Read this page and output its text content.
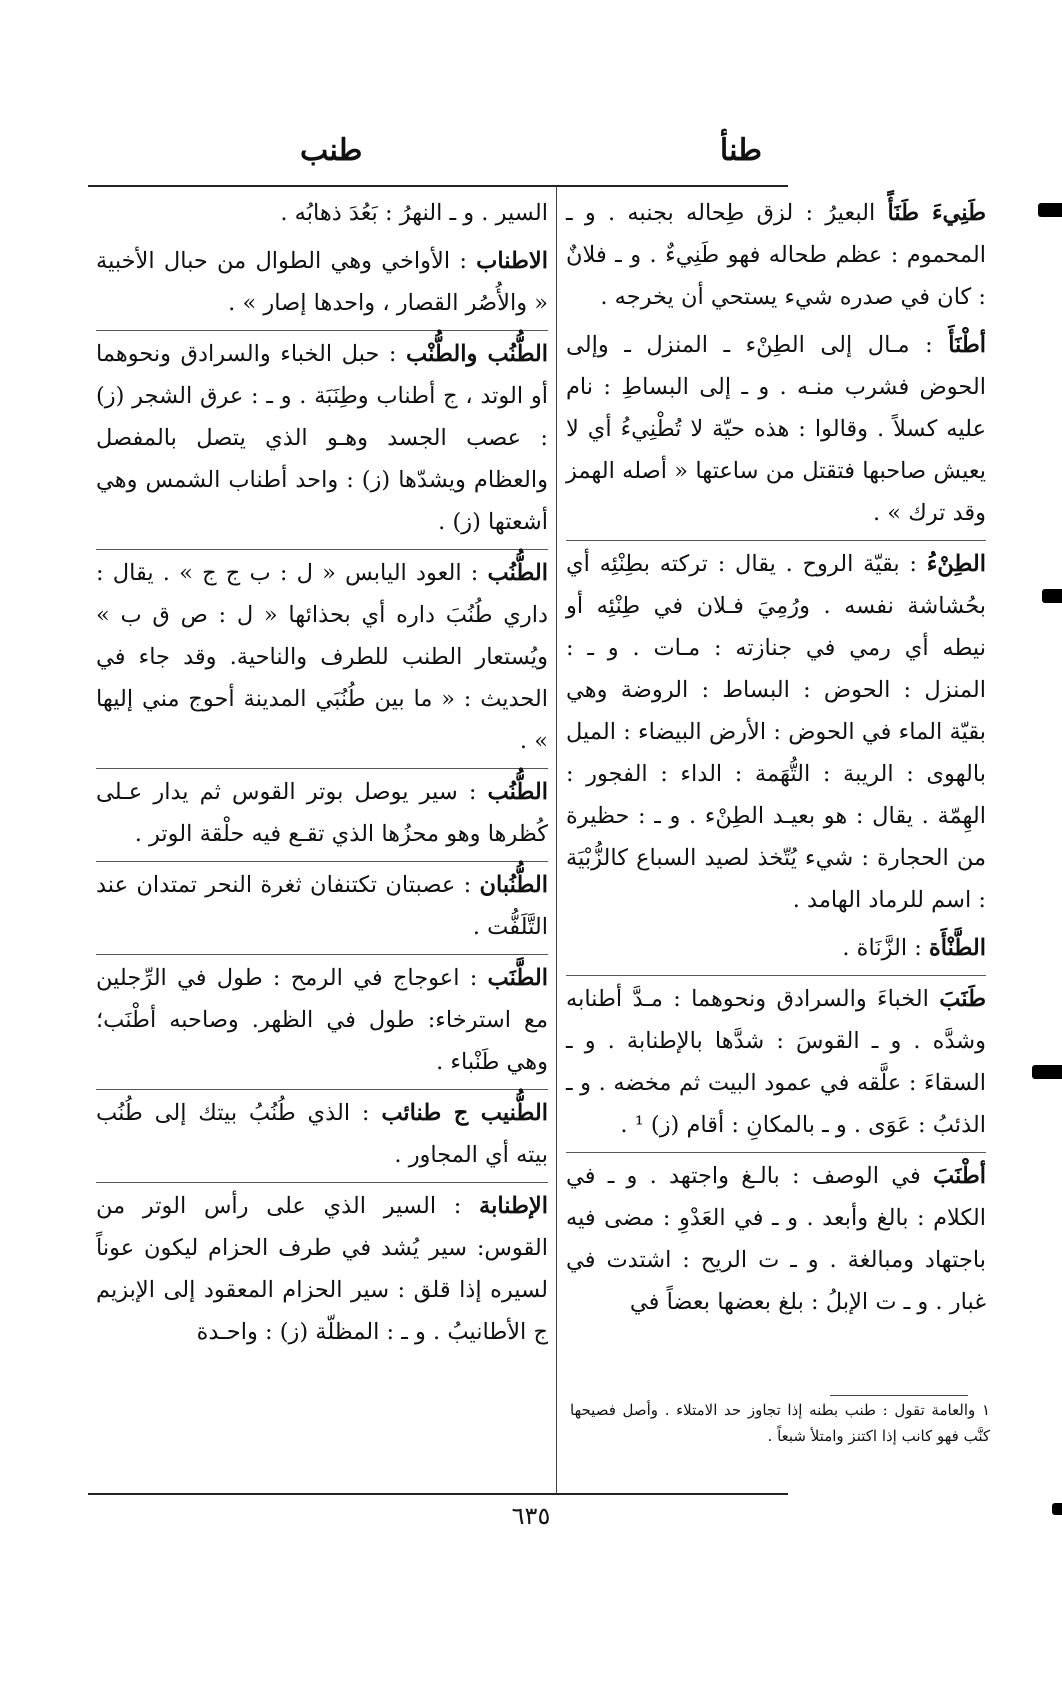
طنأ
طنب

طَنِيءَ طَنَأً البعيرُ : لزق طِحاله بجنبه . و ـ المحموم : عظم طحاله فهو طَنِيءٌ . و ـ فلانٌ : كان في صدره شيء يستحي أن يخرجه .

أطْنَأَ : مـال إلى الطِنْء ـ المنزل ـ وإلى الحوض فشرب منـه . و ـ إلى البساطِ : نام عليه كسلاً . وقالوا : هذه حيّة لا تُطْنِيءُ أي لا يعيش صاحبها فتقتل من ساعتها « أصله الهمز وقد ترك » .

الطِنْءُ : بقيّة الروح . يقال : تركته بطِنْئِه أي بحُشاشة نفسه . ورُمِيَ فـلان في طِنْئِه أو نيطه أي رمي في جنازته : مـات . و ـ : المنزل : الحوض : البساط : الروضة وهي بقيّة الماء في الحوض : الأرض البيضاء : الميل بالهوى : الريبة : التُّهَمة : الداء : الفجور : الهِمّة . يقال : هو بعيـد الطِنْء . و ـ : حظيرة من الحجارة : شيء يُتّخذ لصيد السباع كالزُّبْيَة : اسم للرماد الهامد .

الطَّنْأَة : الزَّنَاة .

طَنَبَ الخباءَ والسرادق ونحوهما : مـدَّ أطنابه وشدَّه . و ـ القوسَ : شدَّها بالإطنابة . و ـ السقاءَ : علَّقه في عمود البيت ثم مخضه . و ـ الذئبُ : عَوَى . و ـ بالمكانِ : أقام (ز) ¹ .

أطْنَبَ في الوصف : بالـغ واجتهد . و ـ في الكلام : بالغ وأبعد . و ـ في العَدْوِ : مضى فيه باجتهاد ومبالغة . و ـ ت الريح : اشتدت في غبار . و ـ ت الإبلُ : بلغ بعضها بعضاً في

السير . و ـ النهرُ : بَعُدَ ذهابُه .

الاطناب : الأواخي وهي الطوال من حبال الأخبية « والأُصُر القصار ، واحدها إصار » .

الطُّنُب والطُّنْب : حبل الخباء والسرادق ونحوهما أو الوتد ، ج أطناب وطِنَبَة . و ـ : عرق الشجر (ز) : عصب الجسد وهـو الذي يتصل بالمفصل والعظام ويشدّها (ز) : واحد أطناب الشمس وهي أشعتها (ز) .

الطُّنُب : العود اليابس « ل : ب ج ج » . يقال : داري طُنُبَ داره أي بحذائها « ل : ص ق ب » ويُستعار الطنب للطرف والناحية. وقد جاء في الحديث : « ما بين طُنُبَي المدينة أحوج مني إليها » .

الطُّنُب : سير يوصل بوتر القوس ثم يدار عـلى كُظرها وهو محزُها الذي تقـع فيه حلْقة الوتر .

الطُّنُبان : عصبتان تكتنفان ثغرة النحر تمتدان عند التَّلَفُّت .

الطَّنَب : اعوجاج في الرمح : طول في الرِّجلين مع استرخاء: طول في الظهر. وصاحبه أطْنَب؛ وهي طَنْباء .

الطُّنيب ج طنائب : الذي طُنُبُ بيتك إلى طُنُب بيته أي المجاور .

الإطنابة : السير الذي على رأس الوتر من القوس: سير يُشد في طرف الحزام ليكون عوناً لسيره إذا قلق : سير الحزام المعقود إلى الإبزيم ج الأطانيبُ . و ـ : المظلّة (ز) : واحـدة

١ والعامة تقول : طنب بطنه إذا تجاوز حد الامتلاء . وأصل فصيحها كنَّب فهو كانب إذا اكتنز وامتلأ شبعاً .
٦٣٥
